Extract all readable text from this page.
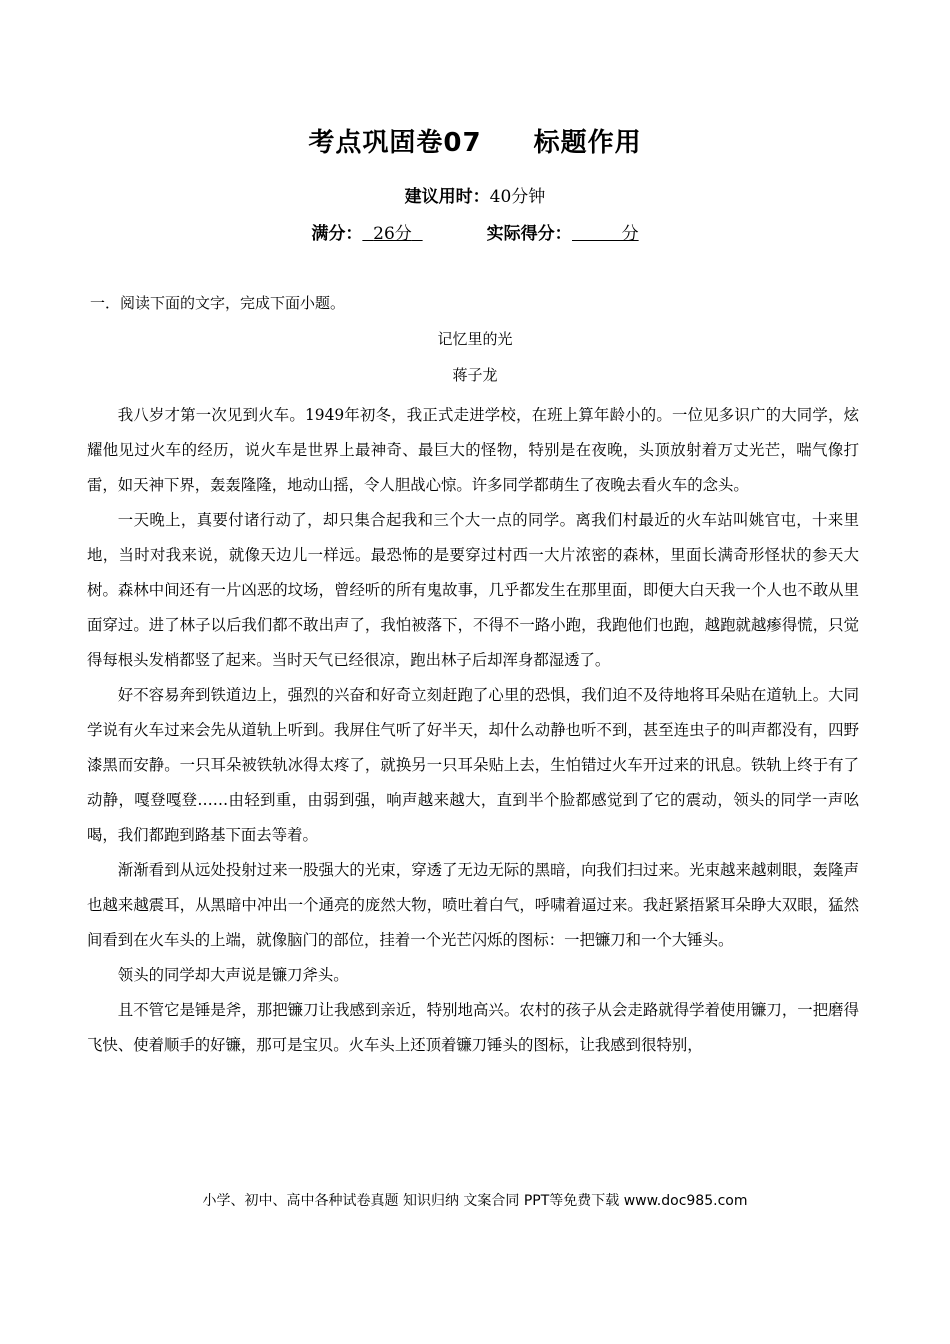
考点巩固卷07 标题作用
建议用时：40分钟
满分： 26分	实际得分：	分
一．阅读下面的文字，完成下面小题。
记忆里的光
蒋子龙

我八岁才第一次见到火车。1949年初冬，我正式走进学校，在班上算年龄小的。一位见多识广的大同学，炫耀他见过火车的经历，说火车是世界上最神奇、最巨大的怪物，特别是在夜晚，头顶放射着万丈光芒，喘气像打雷，如天神下界，轰轰隆隆，地动山摇，令人胆战心惊。许多同学都萌生了夜晚去看火车的念头。

一天晚上，真要付诸行动了，却只集合起我和三个大一点的同学。离我们村最近的火车站叫姚官屯，十来里地，当时对我来说，就像天边儿一样远。最恐怖的是要穿过村西一大片浓密的森林，里面长满奇形怪状的参天大树。森林中间还有一片凶恶的坟场，曾经听的所有鬼故事，几乎都发生在那里面，即便大白天我一个人也不敢从里面穿过。进了林子以后我们都不敢出声了，我怕被落下，不得不一路小跑，我跑他们也跑，越跑就越瘆得慌，只觉得每根头发梢都竖了起来。当时天气已经很凉，跑出林子后却浑身都湿透了。

好不容易奔到铁道边上，强烈的兴奋和好奇立刻赶跑了心里的恐惧，我们迫不及待地将耳朵贴在道轨上。大同学说有火车过来会先从道轨上听到。我屏住气听了好半天，却什么动静也听不到，甚至连虫子的叫声都没有，四野漆黑而安静。一只耳朵被铁轨冰得太疼了，就换另一只耳朵贴上去，生怕错过火车开过来的讯息。铁轨上终于有了动静，嘎登嘎登……由轻到重，由弱到强，响声越来越大，直到半个脸都感觉到了它的震动，领头的同学一声吆喝，我们都跑到路基下面去等着。

渐渐看到从远处投射过来一股强大的光束，穿透了无边无际的黑暗，向我们扫过来。光束越来越刺眼，轰隆声也越来越震耳，从黑暗中冲出一个通亮的庞然大物，喷吐着白气，呼啸着逼过来。我赶紧捂紧耳朵睁大双眼，猛然间看到在火车头的上端，就像脑门的部位，挂着一个光芒闪烁的图标：一把镰刀和一个大锤头。

领头的同学却大声说是镰刀斧头。

且不管它是锤是斧，那把镰刀让我感到亲近，特别地高兴。农村的孩子从会走路就得学着使用镰刀，一把磨得飞快、使着顺手的好镰，那可是宝贝。火车头上还顶着镰刀锤头的图标，让我感到很特别，

小学、初中、高中各种试卷真题 知识归纳 文案合同 PPT等免费下载 www.doc985.com
